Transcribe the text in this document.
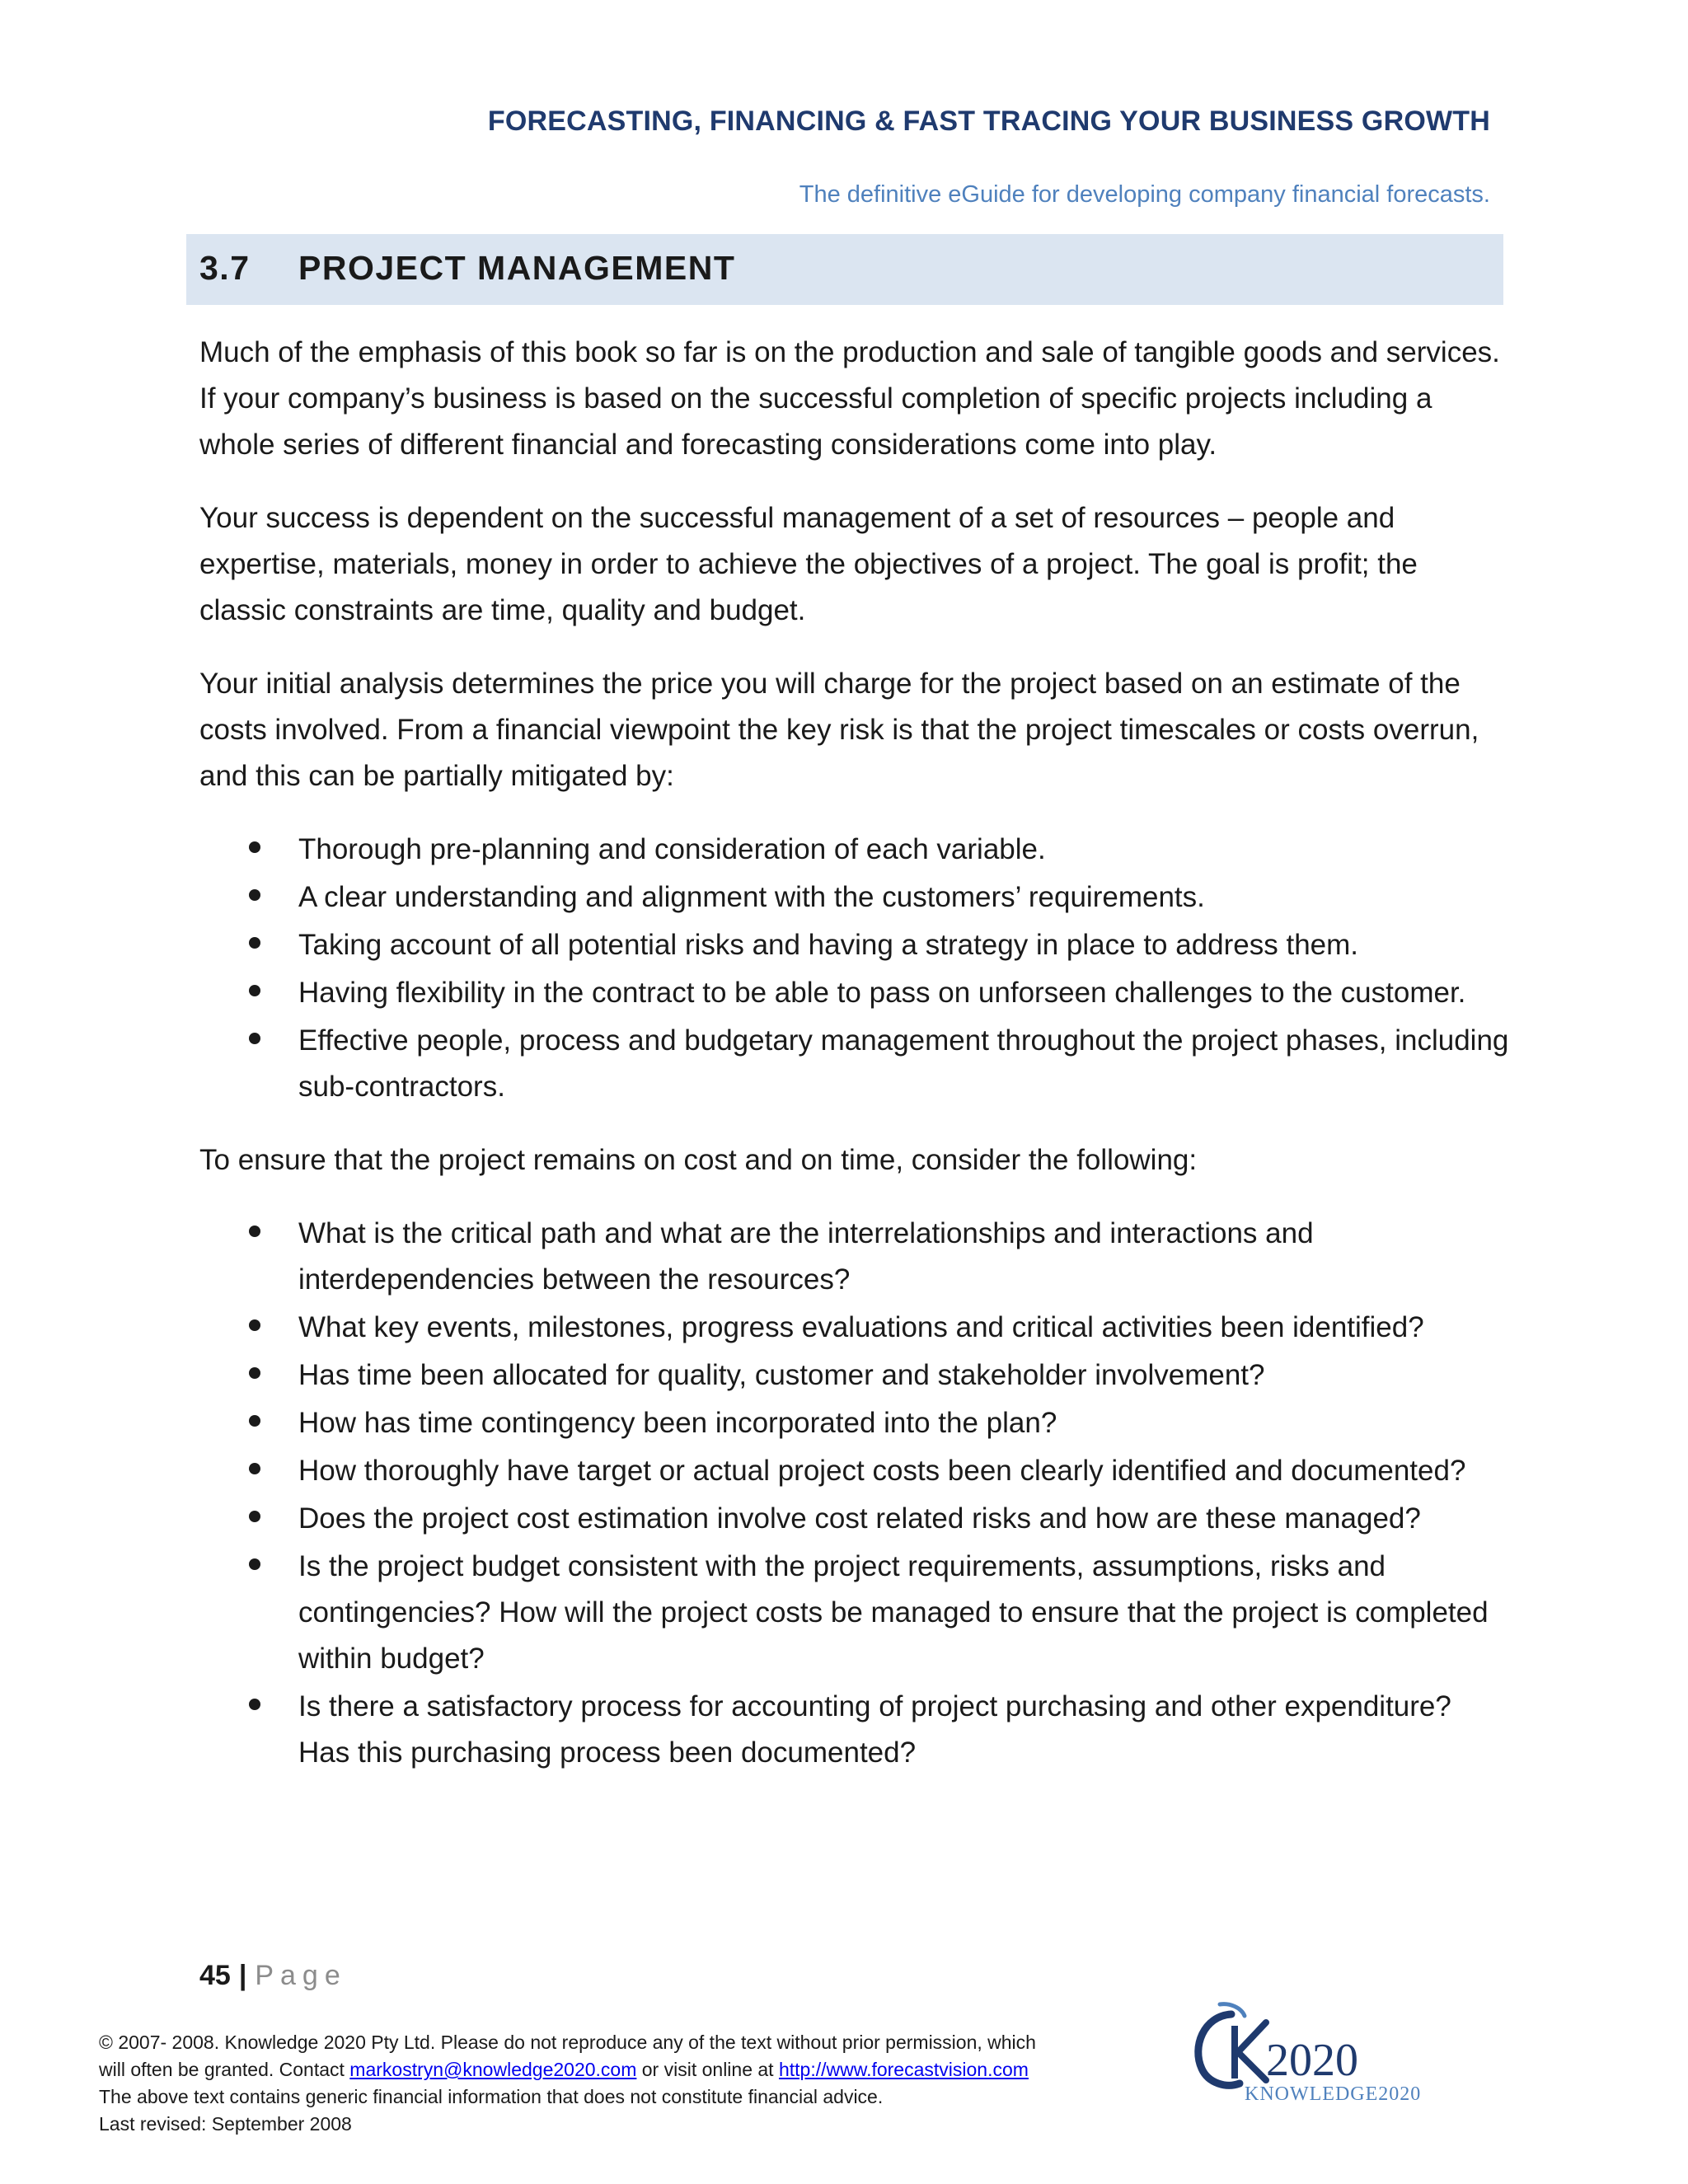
FORECASTING, FINANCING & FAST TRACING YOUR BUSINESS GROWTH
The definitive eGuide for developing company financial forecasts.
3.7 PROJECT MANAGEMENT

Much of the emphasis of this book so far is on the production and sale of tangible goods and services. If your company’s business is based on the successful completion of specific projects including a whole series of different financial and forecasting considerations come into play.

Your success is dependent on the successful management of a set of resources – people and expertise, materials, money in order to achieve the objectives of a project. The goal is profit; the classic constraints are time, quality and budget.

Your initial analysis determines the price you will charge for the project based on an estimate of the costs involved. From a financial viewpoint the key risk is that the project timescales or costs overrun, and this can be partially mitigated by:

Thorough pre-planning and consideration of each variable.
A clear understanding and alignment with the customers’ requirements.
Taking account of all potential risks and having a strategy in place to address them.
Having flexibility in the contract to be able to pass on unforseen challenges to the customer.
Effective people, process and budgetary management throughout the project phases, including sub-contractors.

To ensure that the project remains on cost and on time, consider the following:

What is the critical path and what are the interrelationships and interactions and interdependencies between the resources?
What key events, milestones, progress evaluations and critical activities been identified?
Has time been allocated for quality, customer and stakeholder involvement?
How has time contingency been incorporated into the plan?
How thoroughly have target or actual project costs been clearly identified and documented?
Does the project cost estimation involve cost related risks and how are these managed?
Is the project budget consistent with the project requirements, assumptions, risks and contingencies? How will the project costs be managed to ensure that the project is completed within budget?
Is there a satisfactory process for accounting of project purchasing and other expenditure? Has this purchasing process been documented?
45 | Page
© 2007- 2008. Knowledge 2020 Pty Ltd. Please do not reproduce any of the text without prior permission, which
will often be granted. Contact markostryn@knowledge2020.com or visit online at http://www.forecastvision.com
The above text contains generic financial information that does not constitute financial advice.
Last revised: September 2008
2020
KNOWLEDGE2020
